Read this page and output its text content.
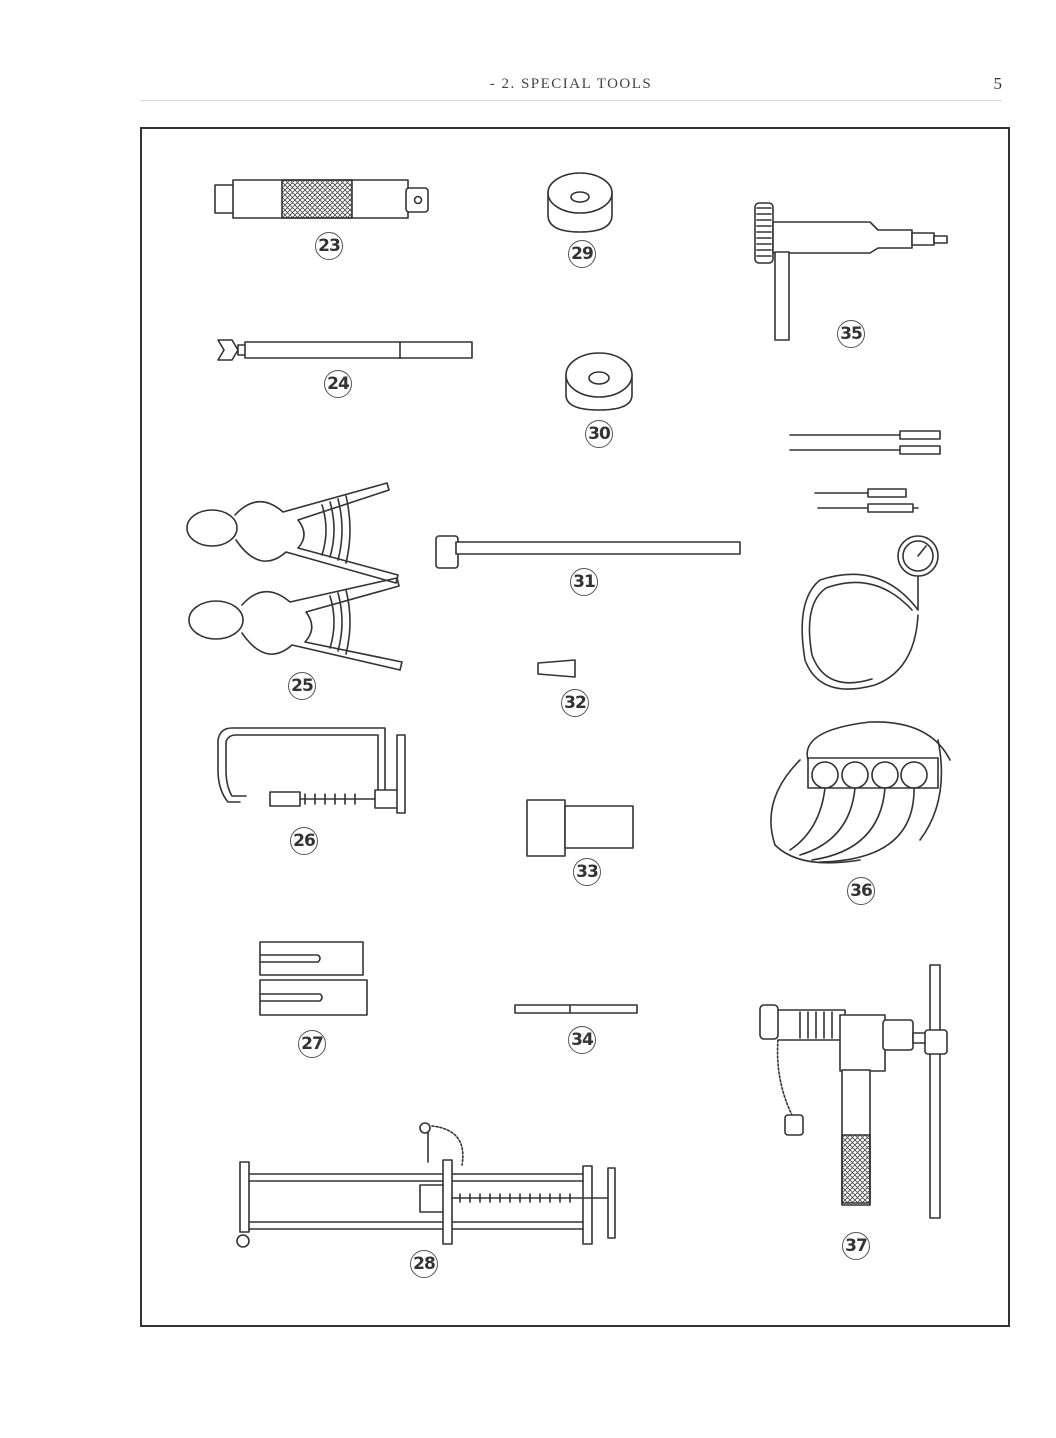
- 2. SPECIAL TOOLS	5
23
24
25
26
27
28
29
30
31
32
33
34
35
36
37
